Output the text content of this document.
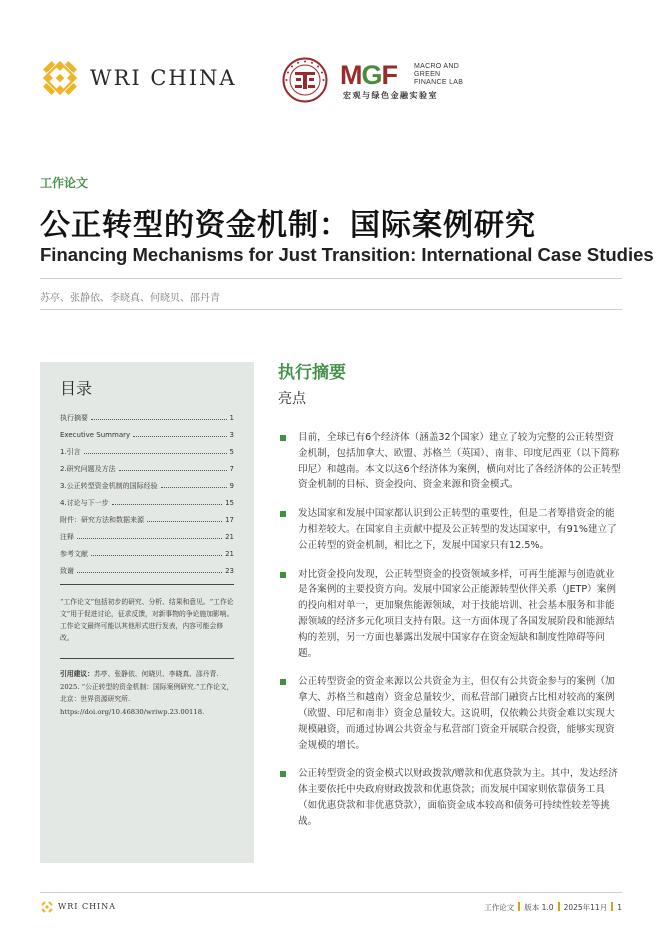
WRI CHINA	MGF MACRO AND
GREEN
FINANCE LAB
宏观与绿色金融实验室
工作论文
公正转型的资金机制：国际案例研究
Financing Mechanisms for Just Transition: International Case Studies
苏亭、张静依、李晓真、何晓贝、邵丹青
目录
执行摘要	1
Executive Summary	3
1.引言	5
2.研究问题及方法	7
3.公正转型资金机制的国际经验	9
4.讨论与下一步	15
附件：研究方法和数据来源	17
注释	21
参考文献	21
致谢	23
“工作论文”包括初步的研究、分析、结果和意见。“工作论文”用于促进讨论，征求反馈，对新事物的争论施加影响。工作论文最终可能以其他形式进行发表，内容可能会修改。
引用建议：苏亭、张静依、何晓贝、李晓真、邵丹青. 2025. “公正转型的资金机制：国际案例研究.”工作论文，北京：世界资源研究所. https://doi.org/10.46830/wriwp.23.00118.
执行摘要
亮点
目前，全球已有6个经济体（涵盖32个国家）建立了较为完整的公正转型资金机制，包括加拿大、欧盟、苏格兰（英国）、南非、印度尼西亚（以下简称印尼）和越南。本文以这6个经济体为案例，横向对比了各经济体的公正转型资金机制的目标、资金投向、资金来源和资金模式。
发达国家和发展中国家都认识到公正转型的重要性，但是二者筹措资金的能力相差较大。在国家自主贡献中提及公正转型的发达国家中，有91%建立了公正转型的资金机制，相比之下，发展中国家只有12.5%。
对比资金投向发现，公正转型资金的投资领域多样，可再生能源与创造就业是各案例的主要投资方向。发展中国家公正能源转型伙伴关系（JETP）案例的投向相对单一，更加聚焦能源领域，对于技能培训、社会基本服务和非能源领域的经济多元化项目支持有限。这一方面体现了各国发展阶段和能源结构的差别，另一方面也暴露出发展中国家存在资金短缺和制度性障碍等问题。
公正转型资金的资金来源以公共资金为主，但仅有公共资金参与的案例（加拿大、苏格兰和越南）资金总量较少，而私营部门融资占比相对较高的案例（欧盟、印尼和南非）资金总量较大。这说明，仅依赖公共资金难以实现大规模融资，而通过协调公共资金与私营部门资金开展联合投资，能够实现资金规模的增长。
公正转型资金的资金模式以财政拨款/赠款和优惠贷款为主。其中，发达经济体主要依托中央政府财政拨款和优惠贷款；而发展中国家则依靠债务工具（如优惠贷款和非优惠贷款），面临资金成本较高和债务可持续性较差等挑战。
WRI CHINA	工作论文 版本 1.0 2025年11月 1
